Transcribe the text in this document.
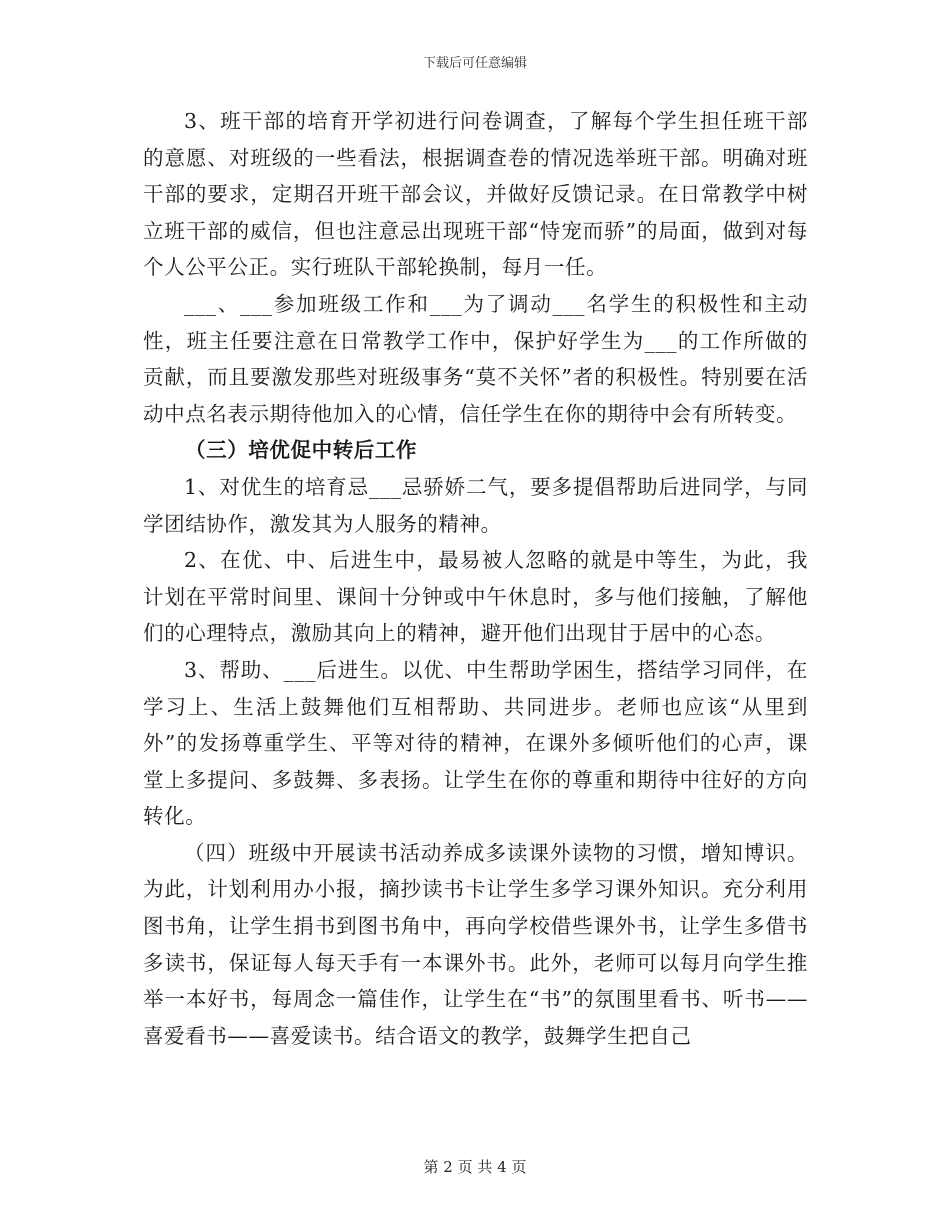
下载后可任意编辑

3、班干部的培育开学初进行问卷调查，了解每个学生担任班干部的意愿、对班级的一些看法，根据调查卷的情况选举班干部。明确对班干部的要求，定期召开班干部会议，并做好反馈记录。在日常教学中树立班干部的威信，但也注意忌出现班干部“恃宠而骄”的局面，做到对每个人公平公正。实行班队干部轮换制，每月一任。

___、___参加班级工作和___为了调动___名学生的积极性和主动性，班主任要注意在日常教学工作中，保护好学生为___的工作所做的贡献，而且要激发那些对班级事务“莫不关怀”者的积极性。特别要在活动中点名表示期待他加入的心情，信任学生在你的期待中会有所转变。

（三）培优促中转后工作

1、对优生的培育忌___忌骄娇二气，要多提倡帮助后进同学，与同学团结协作，激发其为人服务的精神。

2、在优、中、后进生中，最易被人忽略的就是中等生，为此，我计划在平常时间里、课间十分钟或中午休息时，多与他们接触，了解他们的心理特点，激励其向上的精神，避开他们出现甘于居中的心态。

3、帮助、___后进生。以优、中生帮助学困生，搭结学习同伴，在学习上、生活上鼓舞他们互相帮助、共同进步。老师也应该“从里到外”的发扬尊重学生、平等对待的精神，在课外多倾听他们的心声，课堂上多提问、多鼓舞、多表扬。让学生在你的尊重和期待中往好的方向转化。

（四）班级中开展读书活动养成多读课外读物的习惯，增知博识。为此，计划利用办小报，摘抄读书卡让学生多学习课外知识。充分利用图书角，让学生捐书到图书角中，再向学校借些课外书，让学生多借书多读书，保证每人每天手有一本课外书。此外，老师可以每月向学生推举一本好书，每周念一篇佳作，让学生在“书”的氛围里看书、听书——喜爱看书——喜爱读书。结合语文的教学，鼓舞学生把自己

第 2 页 共 4 页
